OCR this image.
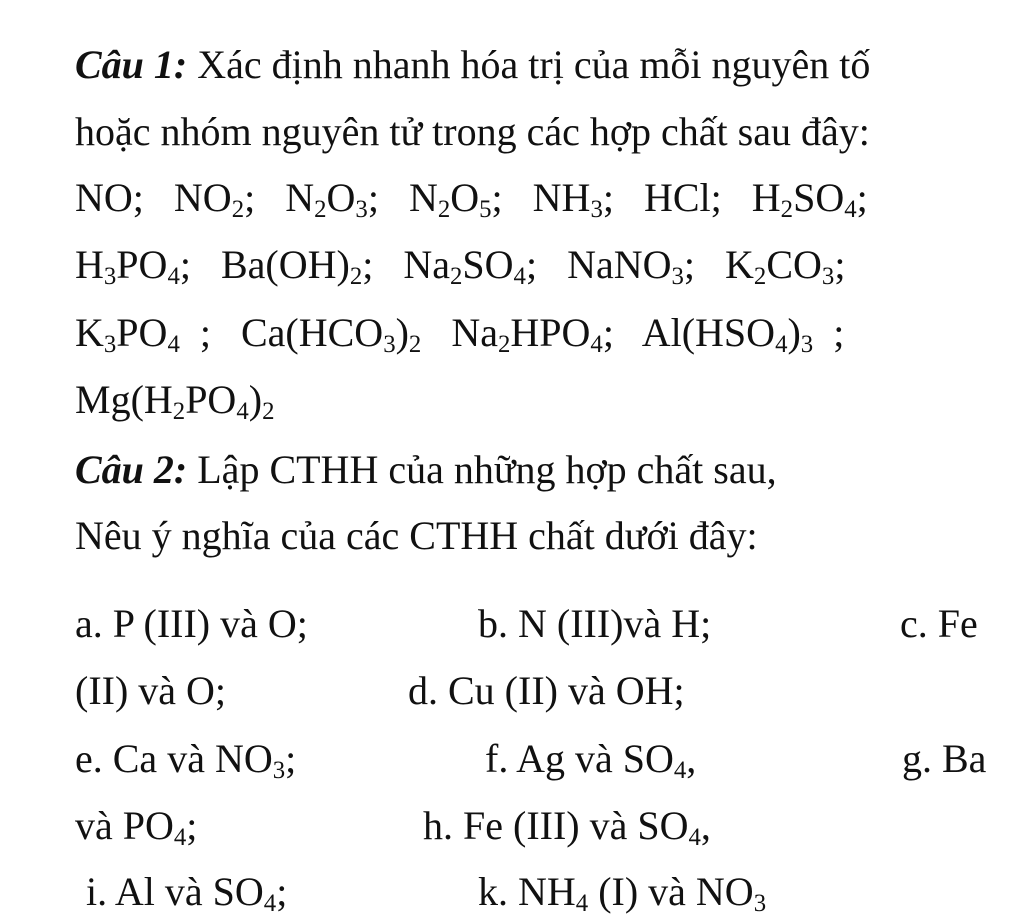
Câu 1: Xác định nhanh hóa trị của mỗi nguyên tố
hoặc nhóm nguyên tử trong các hợp chất sau đây:
NO;   $NO_2$;   $N_2O_3$;   $N_2O_5$;   $NH_3$;   HCl;   $H_2SO_4$;
$H_3PO_4$;   $Ba(OH)_2$;   $Na_2SO_4$;   NaNO$_3$;   $K_2CO_3$;
$K_3PO_4$  ;   $Ca(HCO_3)_2$ $Na_2HPO_4$;   $Al(HSO_4)_3$  ;
$Mg(H_2PO_4)_2$
Câu 2: Lập CTHH của những hợp chất sau,
Nêu ý nghĩa của các CTHH chất dưới đây:
a. P (III) và O;	b. N (III)và H;	c. Fe
(II) và O;	d. Cu (II) và OH;
e. Ca và $NO_3$;	f. Ag và $SO_4$,	g. Ba
và $PO_4$;	h. Fe (III) và $SO_4$,
i. Al và $SO_4$;	k. $NH_4$ (I) và $NO_3$
